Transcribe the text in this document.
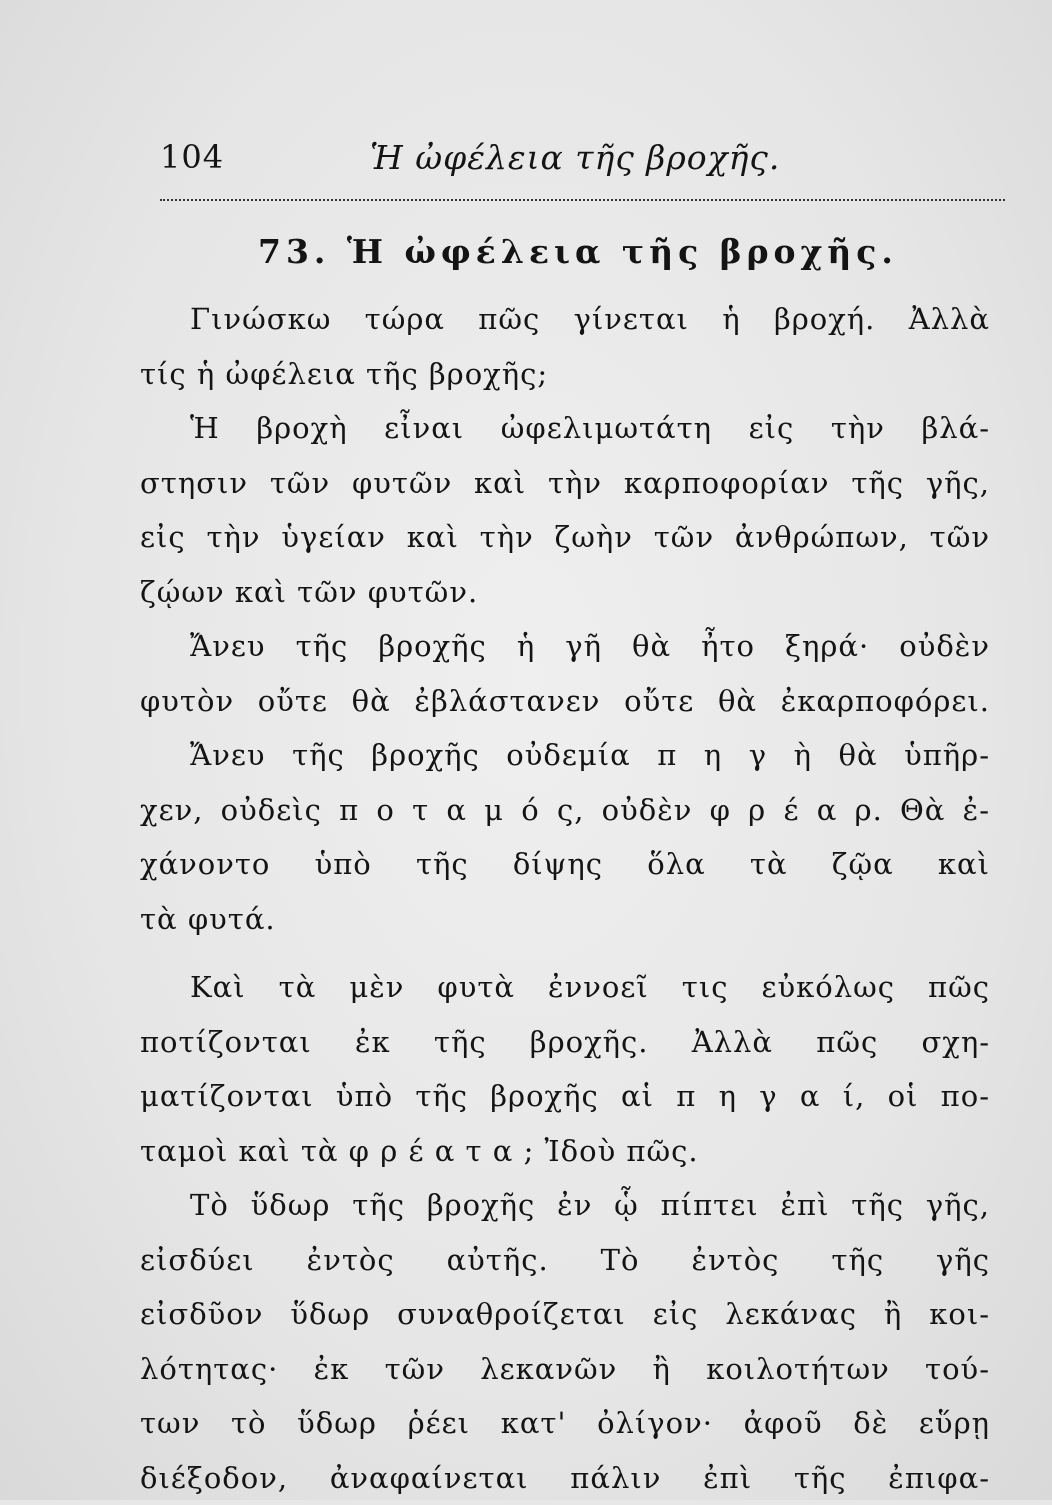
104	Ἡ ὠφέλεια τῆς βροχῆς.
73. Ἡ ὠφέλεια τῆς βροχῆς.
Γινώσκω τώρα πῶς γίνεται ἡ βροχή. Ἀλλὰ
τίς ἡ ὠφέλεια τῆς βροχῆς;
Ἡ βροχὴ εἶναι ὠφελιμωτάτη εἰς τὴν βλά-
στησιν τῶν φυτῶν καὶ τὴν καρποφορίαν τῆς γῆς,
εἰς τὴν ὑγείαν καὶ τὴν ζωὴν τῶν ἀνθρώπων, τῶν
ζῴων καὶ τῶν φυτῶν.
Ἄνευ τῆς βροχῆς ἡ γῆ θὰ ἦτο ξηρά· οὐδὲν
φυτὸν οὔτε θὰ ἐβλάστανεν οὔτε θὰ ἐκαρποφόρει.
Ἄνευ τῆς βροχῆς οὐδεμία π η γ ὴ θὰ ὑπῆρ-
χεν, οὐδεὶς π ο τ α μ ό ς, οὐδὲν φ ρ έ α ρ. Θὰ ἐ-
χάνοντο ὑπὸ τῆς δίψης ὅλα τὰ ζῷα καὶ
τὰ φυτά.
Καὶ τὰ μὲν φυτὰ ἐννοεῖ τις εὐκόλως πῶς
ποτίζονται ἐκ τῆς βροχῆς. Ἀλλὰ πῶς σχη-
ματίζονται ὑπὸ τῆς βροχῆς αἱ π η γ α ί, οἱ πο-
ταμοὶ καὶ τὰ φ ρ έ α τ α ; Ἰδοὺ πῶς.
Τὸ ὕδωρ τῆς βροχῆς ἐν ᾧ πίπτει ἐπὶ τῆς γῆς,
εἰσδύει ἐντὸς αὐτῆς. Τὸ ἐντὸς τῆς γῆς
εἰσδῦον ὕδωρ συναθροίζεται εἰς λεκάνας ἢ κοι-
λότητας· ἐκ τῶν λεκανῶν ἢ κοιλοτήτων τού-
των τὸ ὕδωρ ῥέει κατ' ὀλίγον· ἀφοῦ δὲ εὕρῃ
διέξοδον, ἀναφαίνεται πάλιν ἐπὶ τῆς ἐπιφα-
